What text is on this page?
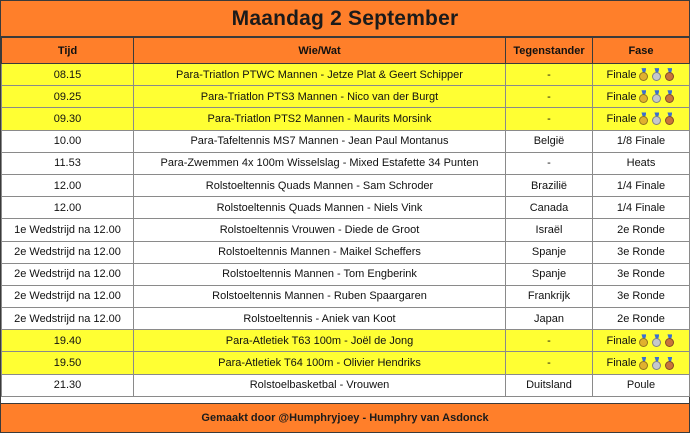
Maandag 2 September
Tijd	Wie/Wat	Tegenstander	Fase
08.15	Para-Triatlon PTWC Mannen - Jetze Plat & Geert Schipper	-	Finale

09.25	Para-Triatlon PTS3 Mannen - Nico van der Burgt	-	Finale

09.30	Para-Triatlon PTS2 Mannen - Maurits Morsink	-	Finale

10.00	Para-Tafeltennis MS7 Mannen - Jean Paul Montanus	België	1/8 Finale

11.53	Para-Zwemmen 4x 100m Wisselslag - Mixed Estafette 34 Punten	-	Heats

12.00	Rolstoeltennis Quads Mannen - Sam Schroder	Brazilië	1/4 Finale

12.00	Rolstoeltennis Quads Mannen - Niels Vink	Canada	1/4 Finale

1e Wedstrijd na 12.00	Rolstoeltennis Vrouwen - Diede de Groot	Israël	2e Ronde

2e Wedstrijd na 12.00	Rolstoeltennis Mannen - Maikel Scheffers	Spanje	3e Ronde

2e Wedstrijd na 12.00	Rolstoeltennis Mannen - Tom Engberink	Spanje	3e Ronde

2e Wedstrijd na 12.00	Rolstoeltennis Mannen - Ruben Spaargaren	Frankrijk	3e Ronde

2e Wedstrijd na 12.00	Rolstoeltennis - Aniek van Koot	Japan	2e Ronde

19.40	Para-Atletiek T63 100m - Joël de Jong	-	Finale

19.50	Para-Atletiek T64 100m - Olivier Hendriks	-	Finale

21.30	Rolstoelbasketbal - Vrouwen	Duitsland	Poule
Gemaakt door @Humphryjoey - Humphry van Asdonck
